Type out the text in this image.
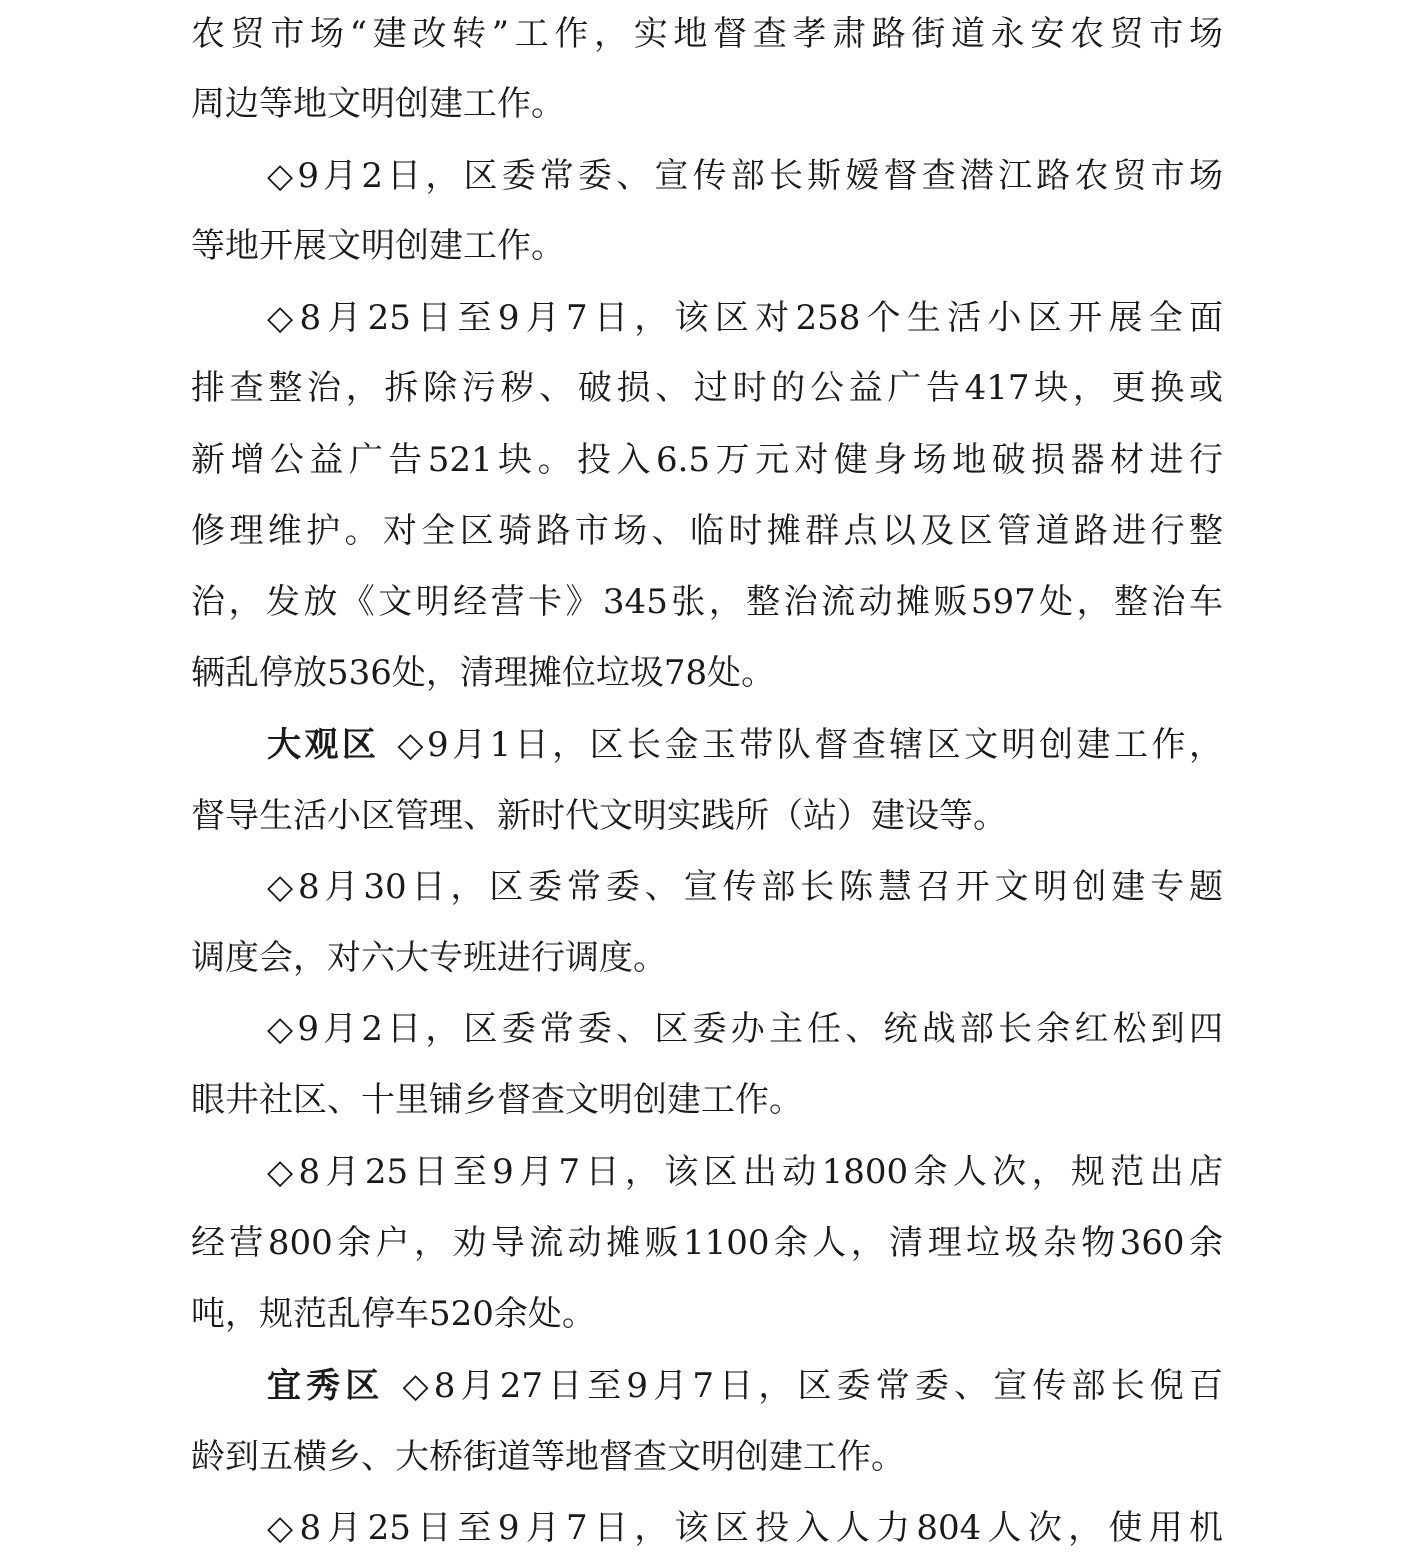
农贸市场“建改转”工作，实地督查孝肃路街道永安农贸市场
周边等地文明创建工作。
◇9月2日，区委常委、宣传部长斯嫒督查潜江路农贸市场
等地开展文明创建工作。
◇8月25日至9月7日，该区对258个生活小区开展全面
排查整治，拆除污秽、破损、过时的公益广告417块，更换或
新增公益广告521块。投入6.5万元对健身场地破损器材进行
修理维护。对全区骑路市场、临时摊群点以及区管道路进行整
治，发放《文明经营卡》345张，整治流动摊贩597处，整治车
辆乱停放536处，清理摊位垃圾78处。
大观区 ◇9月1日，区长金玉带队督查辖区文明创建工作，
督导生活小区管理、新时代文明实践所（站）建设等。
◇8月30日，区委常委、宣传部长陈慧召开文明创建专题
调度会，对六大专班进行调度。
◇9月2日，区委常委、区委办主任、统战部长余红松到四
眼井社区、十里铺乡督查文明创建工作。
◇8月25日至9月7日，该区出动1800余人次，规范出店
经营800余户，劝导流动摊贩1100余人，清理垃圾杂物360余
吨，规范乱停车520余处。
宜秀区 ◇8月27日至9月7日，区委常委、宣传部长倪百
龄到五横乡、大桥街道等地督查文明创建工作。
◇8月25日至9月7日，该区投入人力804人次，使用机
